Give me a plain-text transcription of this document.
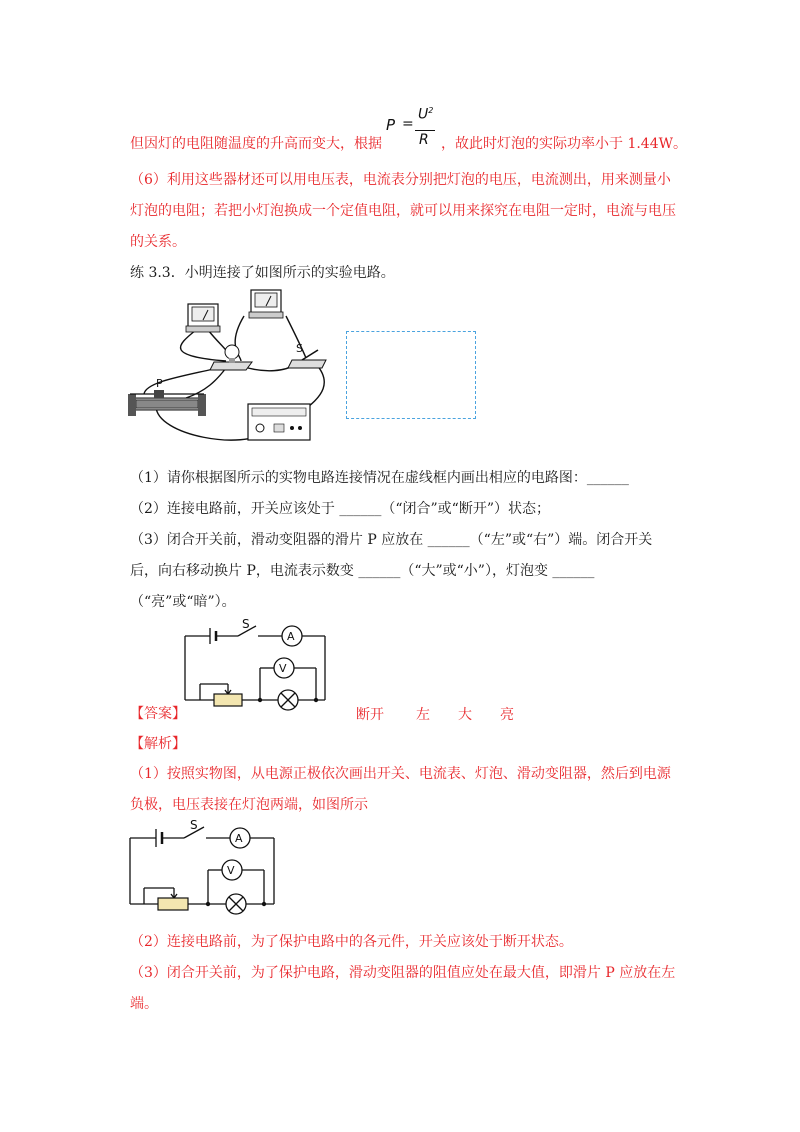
但因灯的电阻随温度的升高而变大，根据
P =
$U^2$
R ，故此时灯泡的实际功率小于 1.44W。
（6）利用这些器材还可以用电压表，电流表分别把灯泡的电压，电流测出，用来测量小
灯泡的电阻；若把小灯泡换成一个定值电阻，就可以用来探究在电阻一定时，电流与电压
的关系。
练 3.3．小明连接了如图所示的实验电路。
S
P
（1）请你根据图所示的实物电路连接情况在虚线框内画出相应的电路图：______
（2）连接电路前，开关应该处于 ______（“闭合”或“断开”）状态；
（3）闭合开关前，滑动变阻器的滑片 P 应放在 ______（“左”或“右”）端。闭合开关
后，向右移动换片 P，电流表示数变 ______（“大”或“小”），灯泡变 ______
（“亮”或“暗”）。
S
A
V
【答案】	断开 左 大 亮
【解析】
（1）按照实物图，从电源正极依次画出开关、电流表、灯泡、滑动变阻器，然后到电源
负极，电压表接在灯泡两端，如图所示
S
A
V
（2）连接电路前，为了保护电路中的各元件，开关应该处于断开状态。
（3）闭合开关前，为了保护电路，滑动变阻器的阻值应处在最大值，即滑片 P 应放在左
端。
